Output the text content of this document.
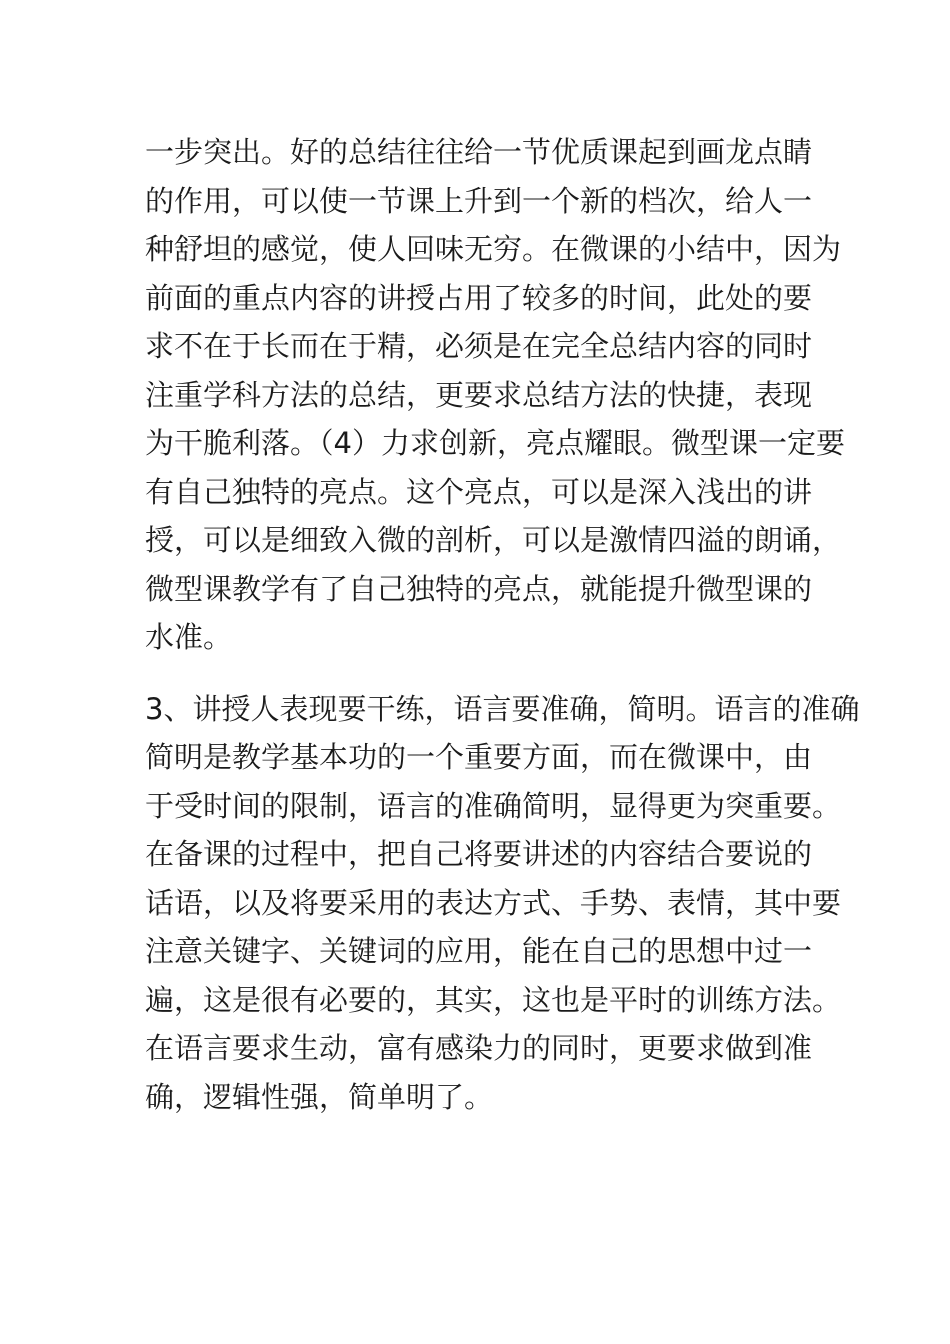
一步突出。好的总结往往给一节优质课起到画龙点睛
的作用，可以使一节课上升到一个新的档次，给人一
种舒坦的感觉，使人回味无穷。在微课的小结中，因为
前面的重点内容的讲授占用了较多的时间，此处的要
求不在于长而在于精，必须是在完全总结内容的同时
注重学科方法的总结，更要求总结方法的快捷，表现
为干脆利落。（4）力求创新，亮点耀眼。微型课一定要
有自己独特的亮点。这个亮点，可以是深入浅出的讲
授，可以是细致入微的剖析，可以是激情四溢的朗诵，
微型课教学有了自己独特的亮点，就能提升微型课的
水准。

3、讲授人表现要干练，语言要准确，简明。语言的准确
简明是教学基本功的一个重要方面，而在微课中，由
于受时间的限制，语言的准确简明，显得更为突重要。
在备课的过程中，把自己将要讲述的内容结合要说的
话语，以及将要采用的表达方式、手势、表情，其中要
注意关键字、关键词的应用，能在自己的思想中过一
遍，这是很有必要的，其实，这也是平时的训练方法。
在语言要求生动，富有感染力的同时，更要求做到准
确，逻辑性强，简单明了。
